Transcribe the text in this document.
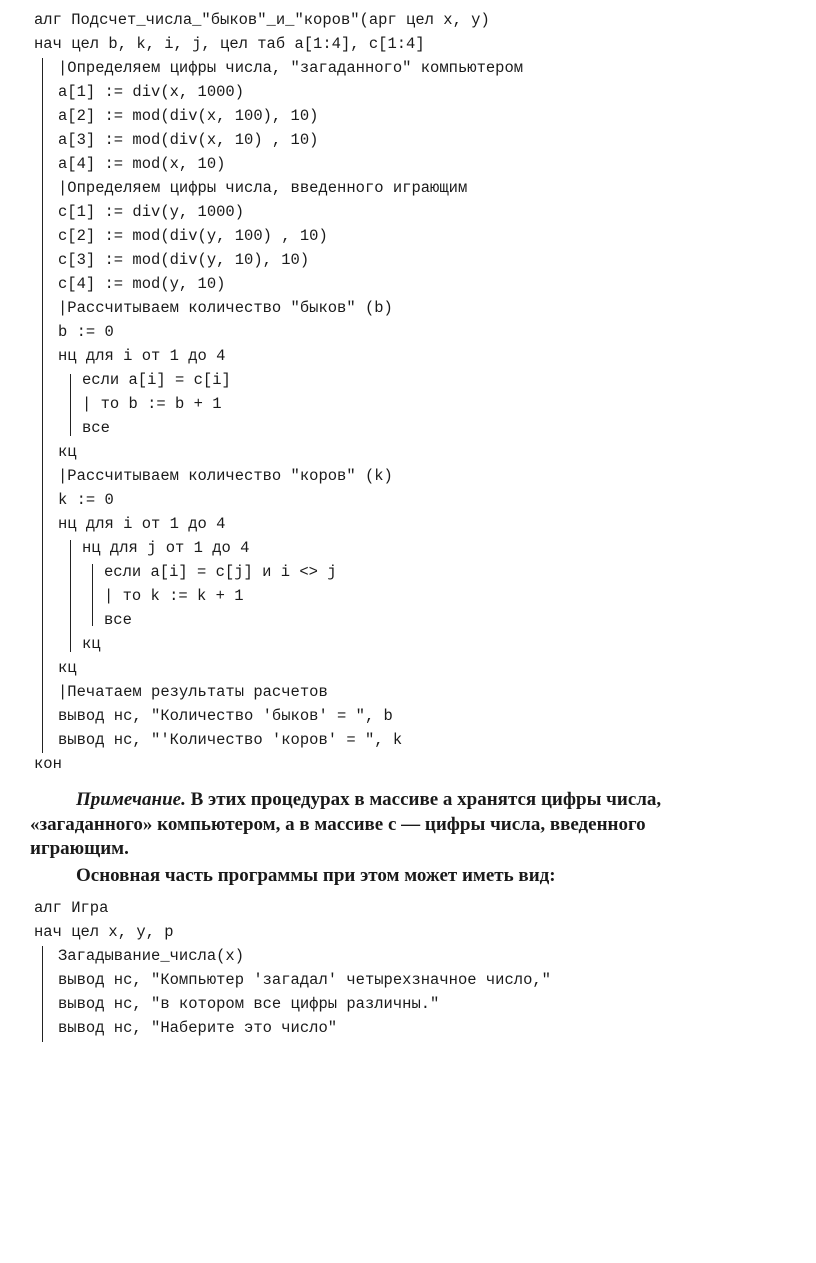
алг Подсчет_числа_"быков"_и_"коров"(арг цел x, y)

нач цел b, k, i, j, цел таб a[1:4], c[1:4]

|Определяем цифры числа, "загаданного" компьютером

a[1] := div(x, 1000)

a[2] := mod(div(x, 100), 10)

a[3] := mod(div(x, 10) , 10)

a[4] := mod(x, 10)

|Определяем цифры числа, введенного играющим

c[1] := div(y, 1000)

c[2] := mod(div(y, 100) , 10)

c[3] := mod(div(y, 10), 10)

c[4] := mod(y, 10)

|Рассчитываем количество "быков" (b)

b := 0

нц для i от 1 до 4

если a[i] = c[i]

| то b := b + 1

все

кц

|Рассчитываем количество "коров" (k)

k := 0

нц для i от 1 до 4

нц для j от 1 до 4

если a[i] = c[j] и i <> j

| то k := k + 1

все

кц

кц

|Печатаем результаты расчетов

вывод нс, "Количество 'быков' = ", b

вывод нс, "'Количество 'коров' = ", k

кон

Примечание. В этих процедурах в массиве a хранятся цифры числа, «загаданного» компьютером, а в массиве c — цифры числа, введенного играющим.

Основная часть программы при этом может иметь вид:

алг Игра

нач цел x, y, p

Загадывание_числа(x)

вывод нс, "Компьютер 'загадал' четырехзначное число,"

вывод нс, "в котором все цифры различны."

вывод нс, "Наберите это число"
